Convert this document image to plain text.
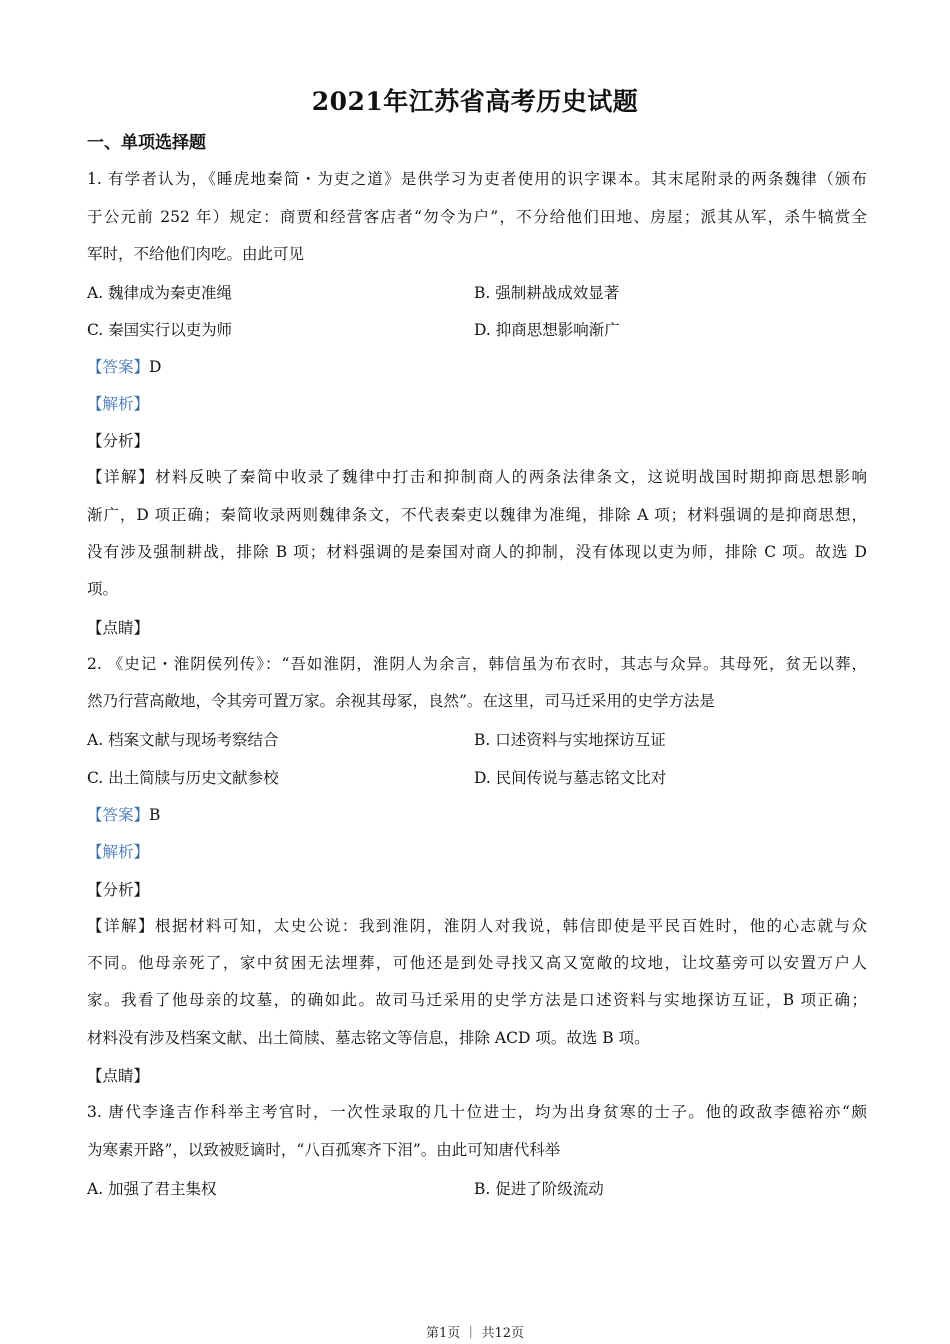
2021年江苏省高考历史试题
一、单项选择题
1. 有学者认为，《睡虎地秦简・为吏之道》是供学习为吏者使用的识字课本。其末尾附录的两条魏律（颁布
于公元前 252 年）规定：商贾和经营客店者“勿令为户”，不分给他们田地、房屋；派其从军，杀牛犒赏全
军时，不给他们肉吃。由此可见
A. 魏律成为秦吏准绳	B. 强制耕战成效显著
C. 秦国实行以吏为师	D. 抑商思想影响渐广
【答案】D
【解析】
【分析】
【详解】材料反映了秦简中收录了魏律中打击和抑制商人的两条法律条文，这说明战国时期抑商思想影响
渐广，D 项正确；秦简收录两则魏律条文，不代表秦吏以魏律为准绳，排除 A 项；材料强调的是抑商思想，
没有涉及强制耕战，排除 B 项；材料强调的是秦国对商人的抑制，没有体现以吏为师，排除 C 项。故选 D
项。
【点睛】
2. 《史记・淮阴侯列传》：“吾如淮阴，淮阴人为余言，韩信虽为布衣时，其志与众异。其母死，贫无以葬，
然乃行营高敞地，令其旁可置万家。余视其母冢，良然”。在这里，司马迁采用的史学方法是
A. 档案文献与现场考察结合	B. 口述资料与实地探访互证
C. 出土简牍与历史文献参校	D. 民间传说与墓志铭文比对
【答案】B
【解析】
【分析】
【详解】根据材料可知，太史公说：我到淮阴，淮阴人对我说，韩信即使是平民百姓时，他的心志就与众
不同。他母亲死了，家中贫困无法埋葬，可他还是到处寻找又高又宽敞的坟地，让坟墓旁可以安置万户人
家。我看了他母亲的坟墓，的确如此。故司马迁采用的史学方法是口述资料与实地探访互证，B 项正确；
材料没有涉及档案文献、出土简牍、墓志铭文等信息，排除 ACD 项。故选 B 项。
【点睛】
3. 唐代李逢吉作科举主考官时，一次性录取的几十位进士，均为出身贫寒的士子。他的政敌李德裕亦“颇
为寒素开路”，以致被贬谪时，“八百孤寒齐下泪”。由此可知唐代科举
A. 加强了君主集权	B. 促进了阶级流动
第1页 ｜ 共12页
